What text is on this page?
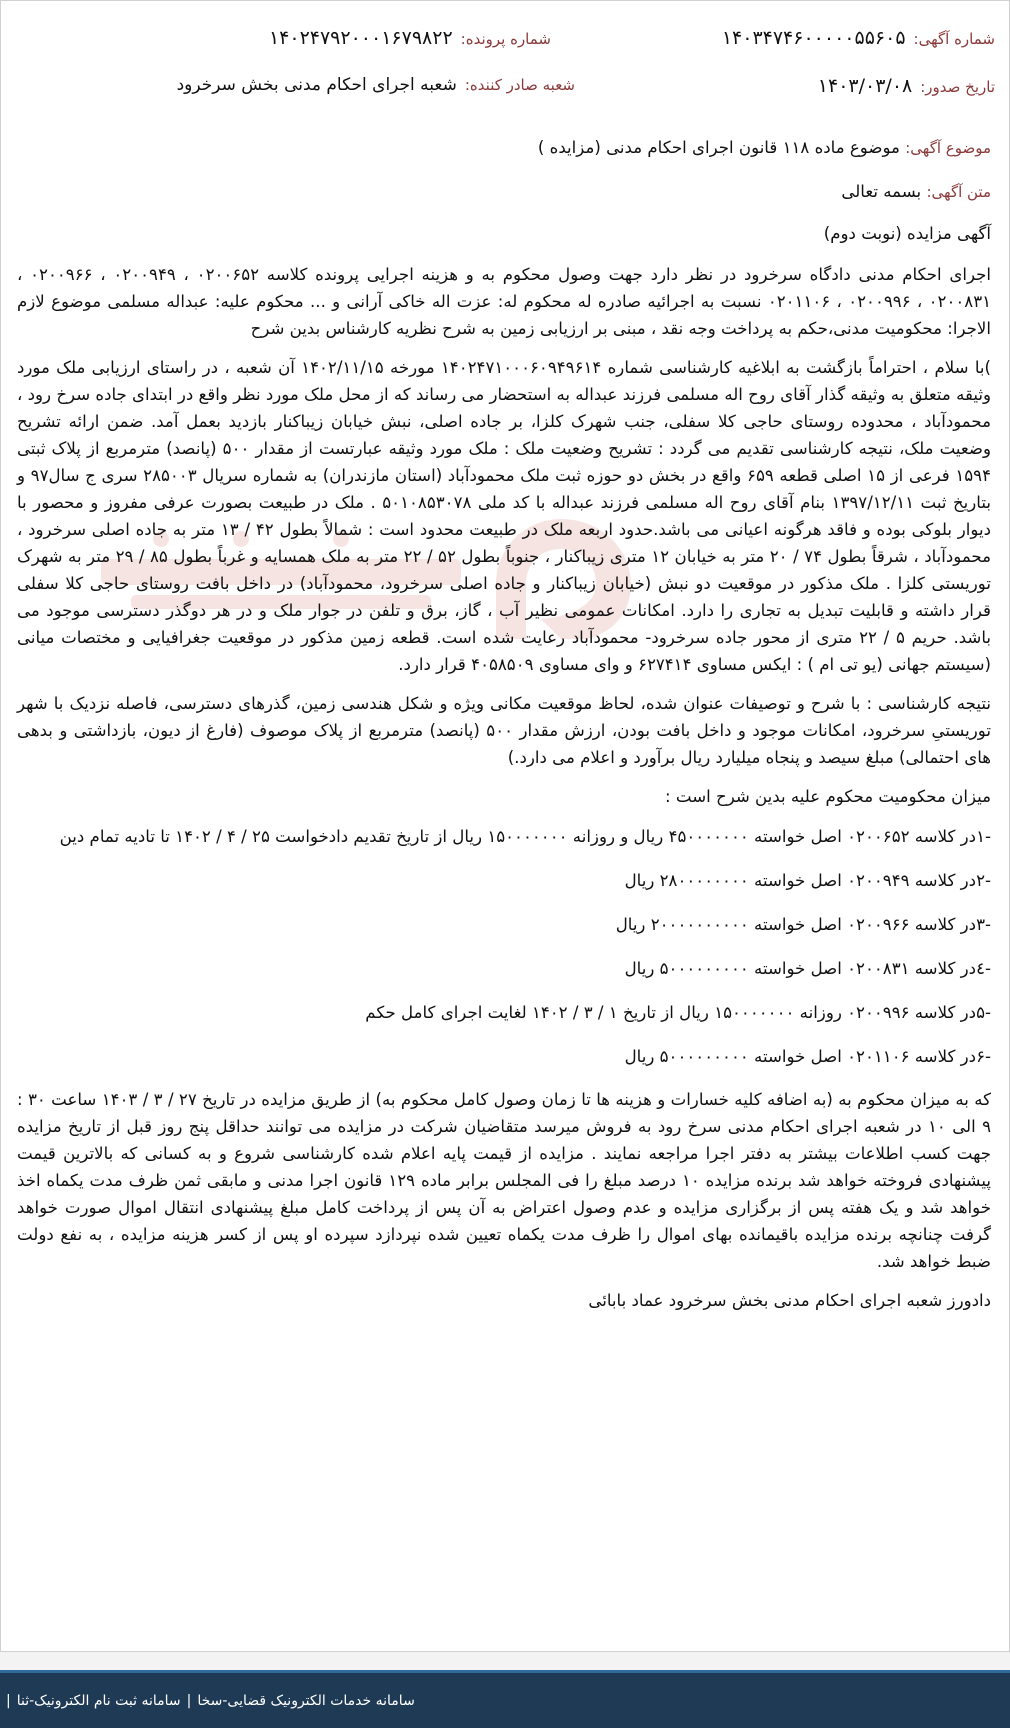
شماره آگهی:
۱۴۰۳۴۷۴۶۰۰۰۰۰۵۵۶۰۵
شماره پرونده:
۱۴۰۲۴۷۹۲۰۰۰۱۶۷۹۸۲۲
تاریخ صدور:
۱۴۰۳/۰۳/۰۸
شعبه صادر کننده:
شعبه اجرای احکام مدنی بخش سرخرود

موضوع آگهی: موضوع ماده ۱۱۸ قانون اجرای احکام مدنی (مزایده )

متن آگهی: بسمه تعالی

آگهی مزایده (نوبت دوم)

اجرای احکام مدنی دادگاه سرخرود در نظر دارد جهت وصول محکوم به و هزینه اجرایی پرونده کلاسه ۰۲۰۰۶۵۲ ، ۰۲۰۰۹۴۹ ، ۰۲۰۰۹۶۶ ، ۰۲۰۰۸۳۱ ، ۰۲۰۰۹۹۶ ، ۰۲۰۱۱۰۶ نسبت به اجرائیه صادره له محکوم له: عزت اله خاکی آرانی و ... محکوم علیه: عبداله مسلمی موضوع لازم الاجرا: محکومیت مدنی،حکم به پرداخت وجه نقد ، مبنی بر ارزیابی زمین به شرح نظریه کارشناس بدین شرح

)با سلام ، احتراماً بازگشت به ابلاغیه کارشناسی شماره ۱۴۰۲۴۷۱۰۰۰۶۰۹۴۹۶۱۴ مورخه ۱۴۰۲/۱۱/۱۵ آن شعبه ، در راستای ارزیابی ملک مورد وثیقه متعلق به وثیقه گذار آقای روح اله مسلمی فرزند عبداله به استحضار می رساند که از محل ملک مورد نظر واقع در ابتدای جاده سرخ رود ، محمودآباد ، محدوده روستای حاجی کلا سفلی، جنب شهرک کلزا، بر جاده اصلی، نبش خیابان زیباکنار بازدید بعمل آمد. ضمن ارائه تشریح وضعیت ملک، نتیجه کارشناسی تقدیم می گردد : تشریح وضعیت ملک : ملک مورد وثیقه عبارتست از مقدار ۵۰۰ (پانصد) مترمربع از پلاک ثبتی ۱۵۹۴ فرعی از ۱۵ اصلی قطعه ۶۵۹ واقع در بخش دو حوزه ثبت ملک محمودآباد (استان مازندران) به شماره سریال ۲۸۵۰۰۳ سری ج سال۹۷ و بتاریخ ثبت ۱۳۹۷/۱۲/۱۱ بنام آقای روح اله مسلمی فرزند عبداله با کد ملی ۵۰۱۰۸۵۳۰۷۸ . ملک در طبیعت بصورت عرفی مفروز و محصور با دیوار بلوکی بوده و فاقد هرگونه اعیانی می باشد.حدود اربعه ملک در طبیعت محدود است : شمالاً بطول ۴۲ / ۱۳ متر به جاده اصلی سرخرود ، محمودآباد ، شرقاً بطول ۷۴ / ۲۰ متر به خیابان ۱۲ متری زیباکنار ، جنوباً بطول ۵۲ / ۲۲ متر به ملک همسایه و غرباً بطول ۸۵ / ۲۹ متر به شهرک توریستی کلزا . ملک مذکور در موقعیت دو نبش (خیابان زیباکنار و جاده اصلی سرخرود، محمودآباد) در داخل بافت روستای حاجی کلا سفلی قرار داشته و قابلیت تبدیل به تجاری را دارد. امکانات عمومی نظیر آب ، گاز، برق و تلفن در جوار ملک و در هر دوگذر دسترسی موجود می باشد. حریم ۵ / ۲۲ متری از محور جاده سرخرود- محمودآباد رعایت شده است. قطعه زمین مذکور در موقعیت جغرافیایی و مختصات میانی (سیستم جهانی (یو تی ام ) : ایکس مساوی ۶۲۷۴۱۴ و وای مساوی ۴۰۵۸۵۰۹ قرار دارد.

نتیجه کارشناسی : با شرح و توصیفات عنوان شده، لحاظ موقعیت مکانی ویژه و شکل هندسی زمین، گذرهای دسترسی، فاصله نزدیک با شهر توریستیِ سرخرود، امکانات موجود و داخل بافت بودن، ارزش مقدار ۵۰۰ (پانصد) مترمربع از پلاک موصوف (فارغ از دیون، بازداشتی و بدهی های احتمالی) مبلغ سیصد و پنجاه میلیارد ریال برآورد و اعلام می دارد.)

میزان محکومیت محکوم علیه بدین شرح است :

-۱در کلاسه ۰۲۰۰۶۵۲ اصل خواسته ۴۵۰۰۰۰۰۰۰ ریال و روزانه ۱۵۰۰۰۰۰۰۰ ریال از تاریخ تقدیم دادخواست ۲۵ / ۴ / ۱۴۰۲ تا تادیه تمام دین

-۲در کلاسه ۰۲۰۰۹۴۹ اصل خواسته ۲۸۰۰۰۰۰۰۰۰ ریال

-۳در کلاسه ۰۲۰۰۹۶۶ اصل خواسته ۲۰۰۰۰۰۰۰۰۰۰ ریال

-٤در کلاسه ۰۲۰۰۸۳۱ اصل خواسته ۵۰۰۰۰۰۰۰۰۰ ریال

-۵در کلاسه ۰۲۰۰۹۹۶ روزانه ۱۵۰۰۰۰۰۰۰ ریال از تاریخ ۱ / ۳ / ۱۴۰۲ لغایت اجرای کامل حکم

-۶در کلاسه ۰۲۰۱۱۰۶ اصل خواسته ۵۰۰۰۰۰۰۰۰۰ ریال

که به میزان محکوم به (به اضافه کلیه خسارات و هزینه ها تا زمان وصول کامل محکوم به) از طریق مزایده در تاریخ ۲۷ / ۳ / ۱۴۰۳ ساعت ۳۰ : ۹ الی ۱۰ در شعبه اجرای احکام مدنی سرخ رود به فروش میرسد متقاضیان شرکت در مزایده می توانند حداقل پنج روز قبل از تاریخ مزایده جهت کسب اطلاعات بیشتر به دفتر اجرا مراجعه نمایند . مزایده از قیمت پایه اعلام شده کارشناسی شروع و به کسانی که بالاترین قیمت پیشنهادی فروخته خواهد شد برنده مزایده ۱۰ درصد مبلغ را فی المجلس برابر ماده ۱۲۹ قانون اجرا مدنی و مابقی ثمن ظرف مدت یکماه اخذ خواهد شد و یک هفته پس از برگزاری مزایده و عدم وصول اعتراض به آن پس از پرداخت کامل مبلغ پیشنهادی انتقال اموال صورت خواهد گرفت چنانچه برنده مزایده باقیمانده بهای اموال را ظرف مدت یکماه تعیین شده نپردازد سپرده او پس از کسر هزینه مزایده ، به نفع دولت ضبط خواهد شد.

دادورز شعبه اجرای احکام مدنی بخش سرخرود عماد بابائی

سامانه خدمات الکترونیک قضایی-سخا
|
سامانه ثبت نام الکترونیک-ثنا
|
